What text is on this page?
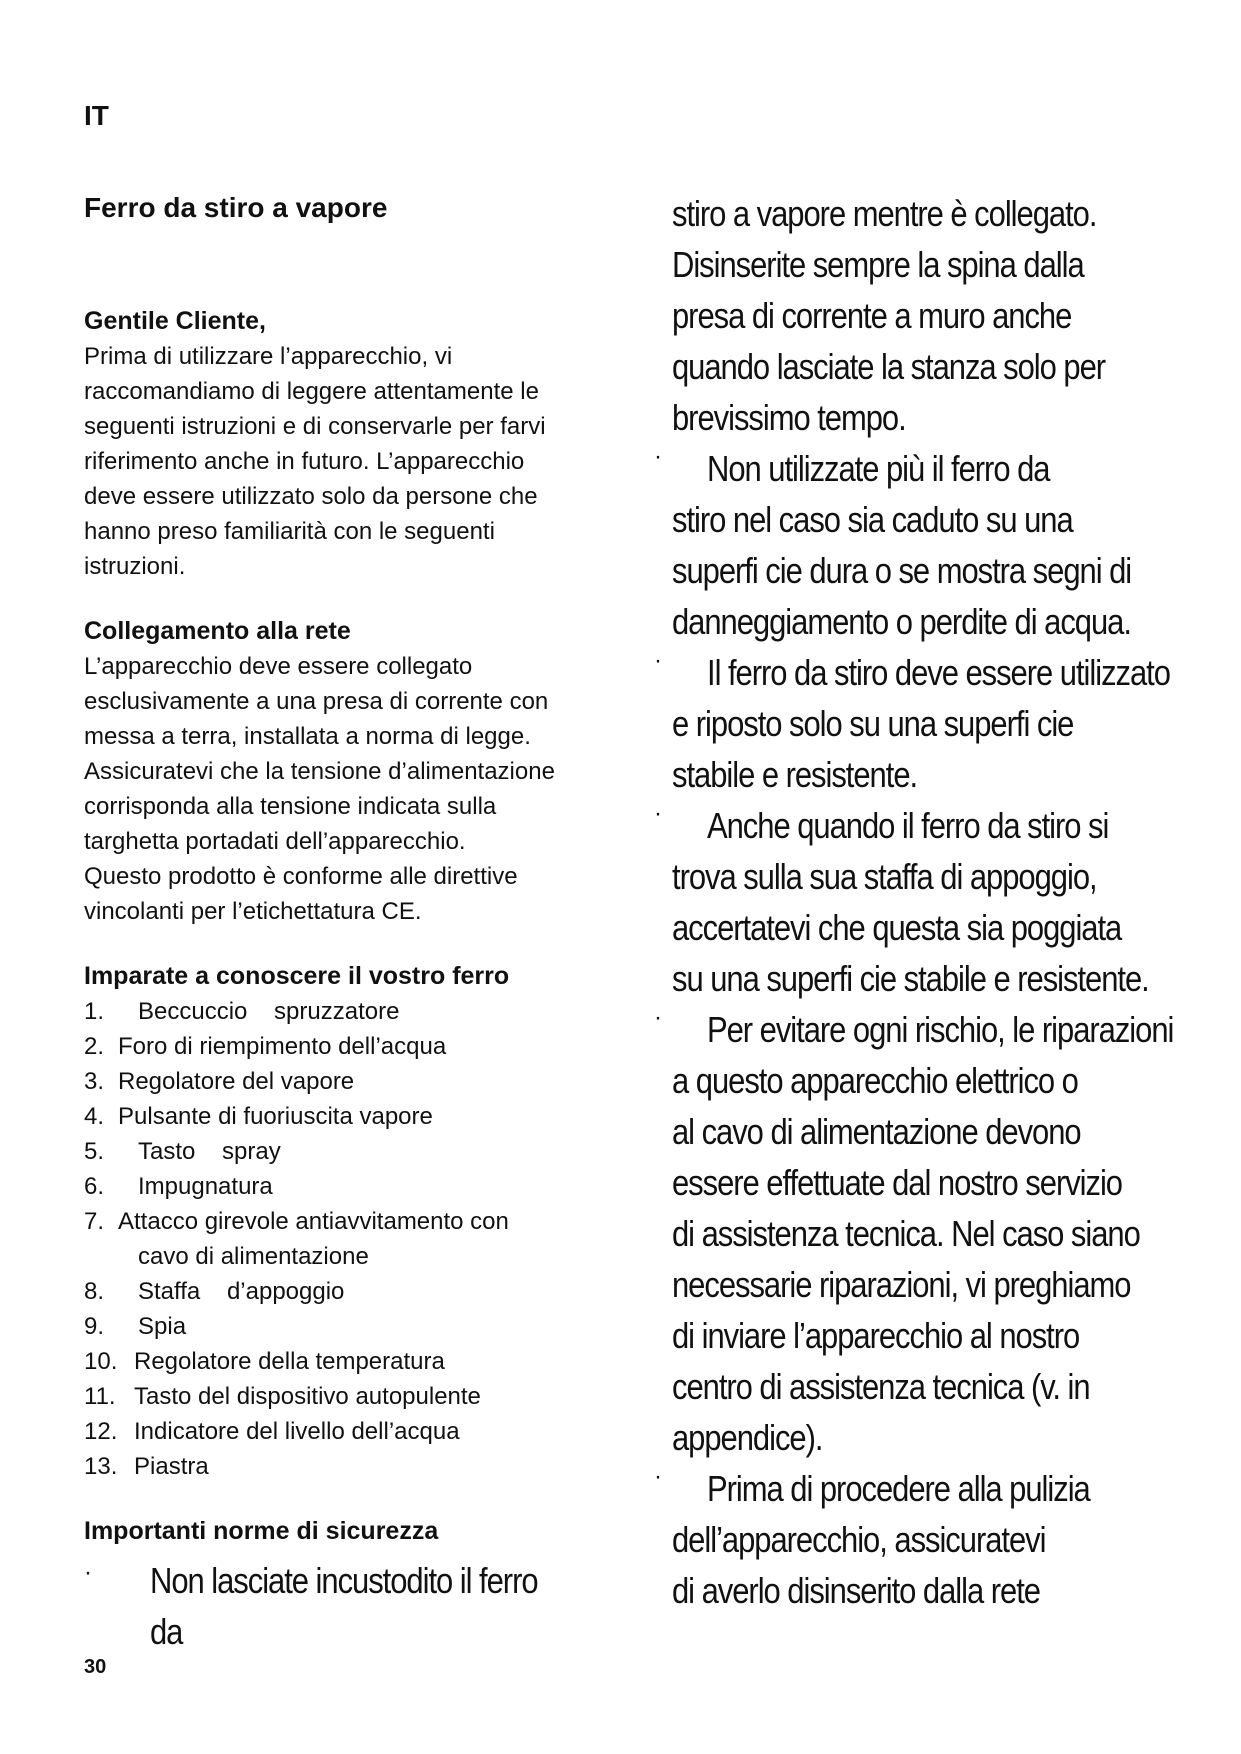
IT
Ferro da stiro a vapore
Gentile Cliente,

Prima di utilizzare l’apparecchio, vi

raccomandiamo di leggere attentamente le

seguenti istruzioni e di conservarle per farvi

riferimento anche in futuro. L’apparecchio

deve essere utilizzato solo da persone che

hanno preso familiarità con le seguenti

istruzioni.

Collegamento alla rete

L’apparecchio deve essere collegato

esclusivamente a una presa di corrente con

messa a terra, installata a norma di legge.

Assicuratevi che la tensione d’alimentazione

corrisponda alla tensione indicata sulla

targhetta portadati dell’apparecchio.

Questo prodotto è conforme alle direttive

vincolanti per l’etichettatura CE.

Imparate a conoscere il vostro ferro
1.	Beccuccio    spruzzatore
2. Foro di riempimento dell’acqua
3. Regolatore del vapore
4. Pulsante di fuoriuscita vapore
5.	Tasto    spray
6.	Impugnatura
7. Attacco girevole antiavvitamento con
cavo di alimentazione
8.	Staffa    d’appoggio
9.	Spia
10. Regolatore della temperatura
11. Tasto del dispositivo autopulente
12. Indicatore del livello dell’acqua
13. Piastra
Importanti norme di sicurezza
·	Non lasciate incustodito il ferro da
stiro a vapore mentre è collegato.
Disinserite sempre la spina dalla
presa di corrente a muro anche
quando lasciate la stanza solo per
brevissimo tempo.
·	Non utilizzate più il ferro da
stiro nel caso sia caduto su una
superfi cie dura o se mostra segni di
danneggiamento o perdite di acqua.
·	Il ferro da stiro deve essere utilizzato
e riposto solo su una superfi cie
stabile e resistente.
·	Anche quando il ferro da stiro si
trova sulla sua staffa di appoggio,
accertatevi che questa sia poggiata
su una superfi cie stabile e resistente.
·	Per evitare ogni rischio, le riparazioni
a questo apparecchio elettrico o
al cavo di alimentazione devono
essere effettuate dal nostro servizio
di assistenza tecnica. Nel caso siano
necessarie riparazioni, vi preghiamo
di inviare l’apparecchio al nostro
centro di assistenza tecnica (v. in
appendice).
·	Prima di procedere alla pulizia
dell’apparecchio, assicuratevi
di averlo disinserito dalla rete
30
